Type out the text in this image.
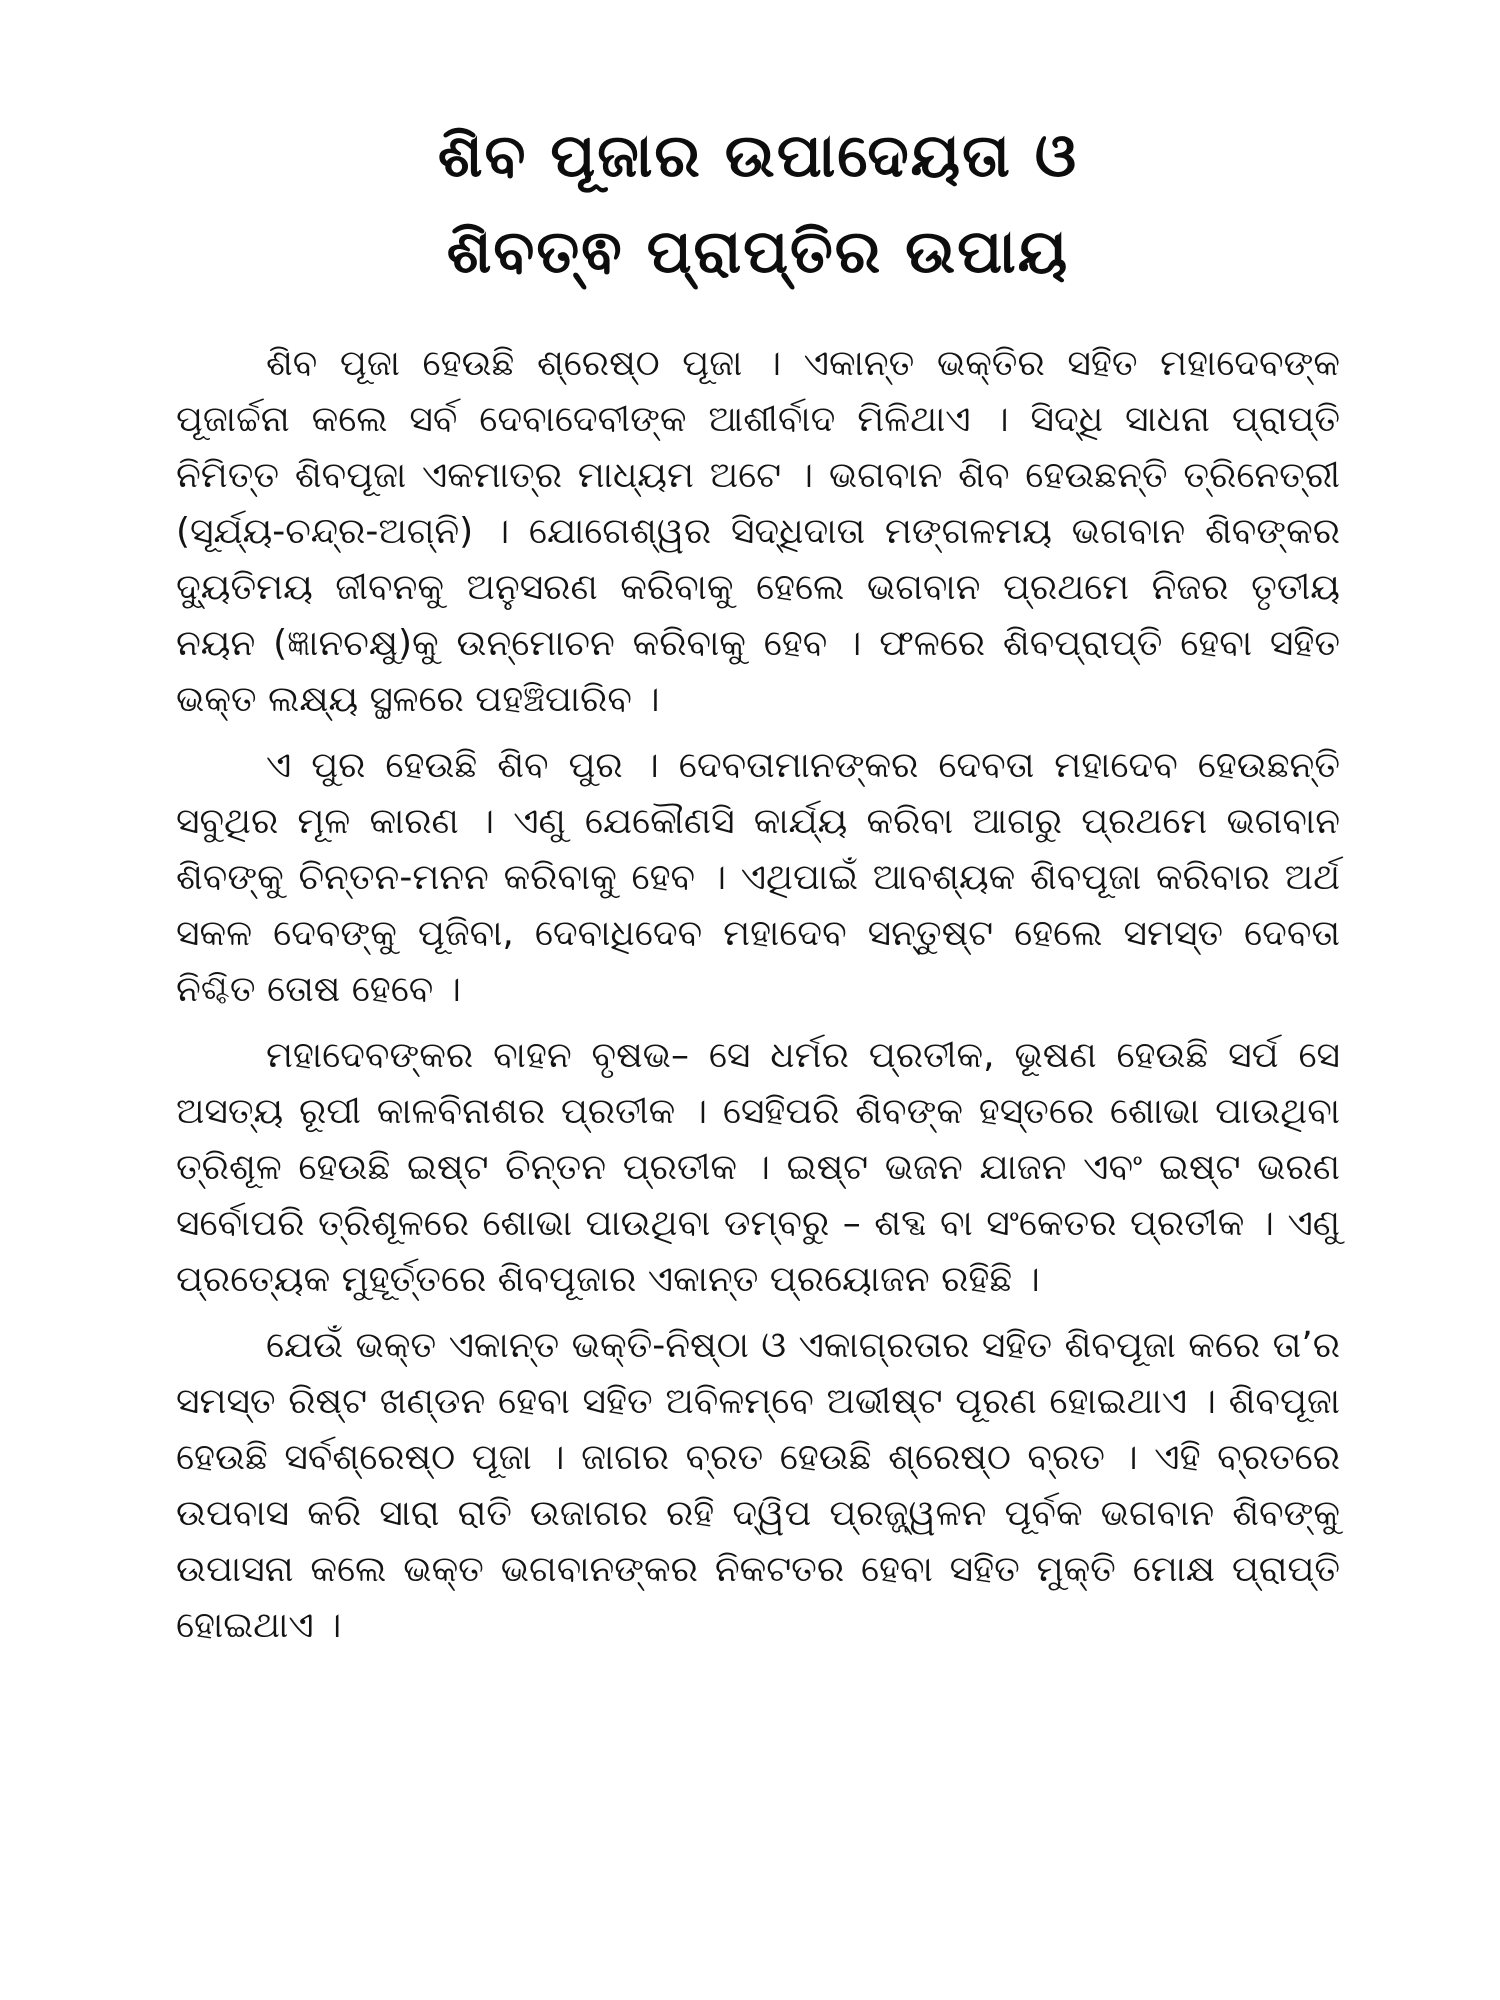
ଶିବ ପୂଜାର ଉପାଦେୟତା ଓ
ଶିବତ୍ଵ ପ୍ରାପ୍ତିର ଉପାୟ

ଶିବ ପୂଜା ହେଉଛି ଶ୍ରେଷ୍ଠ ପୂଜା । ଏକାନ୍ତ ଭକ୍ତିର ସହିତ ମହାଦେବଙ୍କ ପୂଜାର୍ଚ୍ଚନା କଲେ ସର୍ବ ଦେବାଦେବୀଙ୍କ ଆଶୀର୍ବାଦ ମିଳିଥାଏ । ସିଦ୍ଧି ସାଧନା ପ୍ରାପ୍ତି ନିମିତ୍ତ ଶିବପୂଜା ଏକମାତ୍ର ମାଧ୍ୟମ ଅଟେ । ଭଗବାନ ଶିବ ହେଉଛନ୍ତି ତ୍ରିନେତ୍ରୀ (ସୂର୍ଯ୍ୟ-ଚନ୍ଦ୍ର-ଅଗ୍ନି) । ଯୋଗେଶ୍ୱର ସିଦ୍ଧିଦାତା ମଙ୍ଗଳମୟ ଭଗବାନ ଶିବଙ୍କର ଦ୍ୟୁତିମୟ ଜୀବନକୁ ଅନୁସରଣ କରିବାକୁ ହେଲେ ଭଗବାନ ପ୍ରଥମେ ନିଜର ତୃତୀୟ ନୟନ (ଜ୍ଞାନଚକ୍ଷୁ)କୁ ଉନ୍ମୋଚନ କରିବାକୁ ହେବ । ଫଳରେ ଶିବପ୍ରାପ୍ତି ହେବା ସହିତ ଭକ୍ତ ଲକ୍ଷ୍ୟ ସ୍ଥଳରେ ପହଞ୍ଚିପାରିବ ।

ଏ ପୁର ହେଉଛି ଶିବ ପୁର । ଦେବତାମାନଙ୍କର ଦେବତା ମହାଦେବ ହେଉଛନ୍ତି ସବୁଥିର ମୂଳ କାରଣ । ଏଣୁ ଯେକୌଣସି କାର୍ଯ୍ୟ କରିବା ଆଗରୁ ପ୍ରଥମେ ଭଗବାନ ଶିବଙ୍କୁ ଚିନ୍ତନ-ମନନ କରିବାକୁ ହେବ । ଏଥିପାଇଁ ଆବଶ୍ୟକ ଶିବପୂଜା କରିବାର ଅର୍ଥ ସକଳ ଦେବଙ୍କୁ ପୂଜିବା, ଦେବାଧିଦେବ ମହାଦେବ ସନ୍ତୁଷ୍ଟ ହେଲେ ସମସ୍ତ ଦେବତା ନିଶ୍ଚିତ ତୋଷ ହେବେ ।

ମହାଦେବଙ୍କର ବାହନ ବୃଷଭ– ସେ ଧର୍ମର ପ୍ରତୀକ, ଭୂଷଣ ହେଉଛି ସର୍ପ ସେ ଅସତ୍ୟ ରୂପୀ କାଳବିନାଶର ପ୍ରତୀକ । ସେହିପରି ଶିବଙ୍କ ହସ୍ତରେ ଶୋଭା ପାଉଥିବା ତ୍ରିଶୂଳ ହେଉଛି ଇଷ୍ଟ ଚିନ୍ତନ ପ୍ରତୀକ । ଇଷ୍ଟ ଭଜନ ଯାଜନ ଏବଂ ଇଷ୍ଟ ଭରଣ ସର୍ବୋପରି ତ୍ରିଶୂଳରେ ଶୋଭା ପାଉଥିବା ଡମ୍ବରୁ – ଶବ୍ଦ ବା ସଂକେତର ପ୍ରତୀକ । ଏଣୁ ପ୍ରତ୍ୟେକ ମୁହୂର୍ତ୍ତରେ ଶିବପୂଜାର ଏକାନ୍ତ ପ୍ରୟୋଜନ ରହିଛି ।

ଯେଉଁ ଭକ୍ତ ଏକାନ୍ତ ଭକ୍ତି-ନିଷ୍ଠା ଓ ଏକାଗ୍ରତାର ସହିତ ଶିବପୂଜା କରେ ତା’ର ସମସ୍ତ ରିଷ୍ଟ ଖଣ୍ଡନ ହେବା ସହିତ ଅବିଳମ୍ବେ ଅଭୀଷ୍ଟ ପୂରଣ ହୋଇଥାଏ । ଶିବପୂଜା ହେଉଛି ସର୍ବଶ୍ରେଷ୍ଠ ପୂଜା । ଜାଗର ବ୍ରତ ହେଉଛି ଶ୍ରେଷ୍ଠ ବ୍ରତ । ଏହି ବ୍ରତରେ ଉପବାସ କରି ସାରା ରାତି ଉଜାଗର ରହି ଦ୍ୱିପ ପ୍ରଜ୍ଜ୍ୱଳନ ପୂର୍ବକ ଭଗବାନ ଶିବଙ୍କୁ ଉପାସନା କଲେ ଭକ୍ତ ଭଗବାନଙ୍କର ନିକଟତର ହେବା ସହିତ ମୁକ୍ତି ମୋକ୍ଷ ପ୍ରାପ୍ତି ହୋଇଥାଏ ।
